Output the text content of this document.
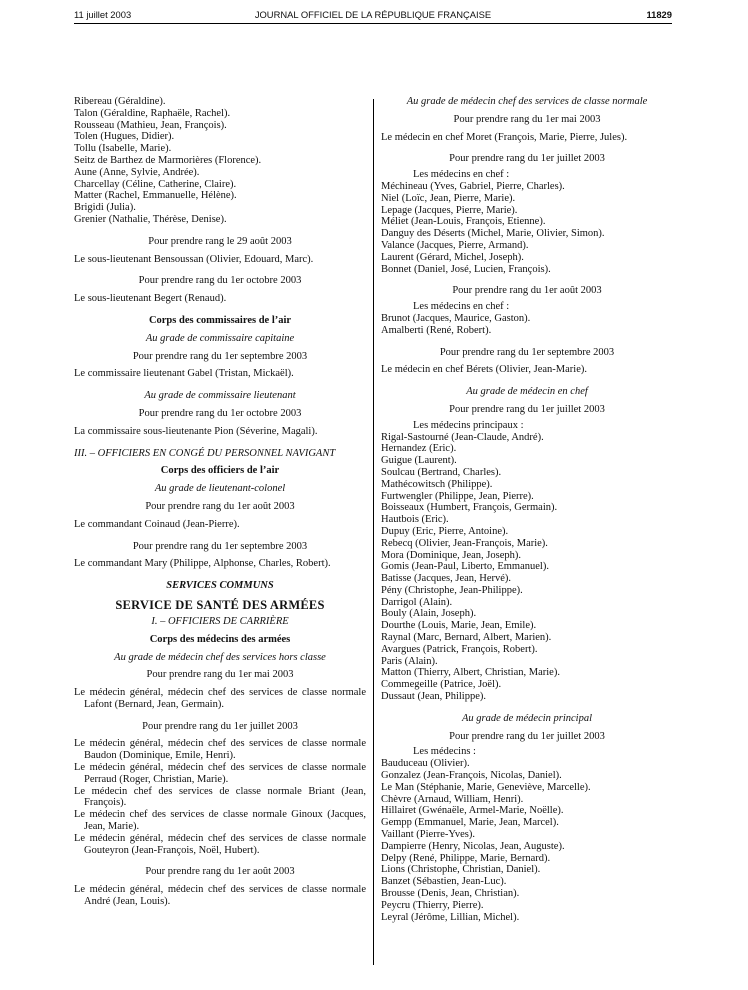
11 juillet 2003	JOURNAL OFFICIEL DE LA RÉPUBLIQUE FRANÇAISE	11829
Ribereau (Géraldine).
Talon (Géraldine, Raphaële, Rachel).
Rousseau (Mathieu, Jean, François).
Tolen (Hugues, Didier).
Tollu (Isabelle, Marie).
Seitz de Barthez de Marmorières (Florence).
Aune (Anne, Sylvie, Andrée).
Charcellay (Céline, Catherine, Claire).
Matter (Rachel, Emmanuelle, Hélène).
Brigidi (Julia).
Grenier (Nathalie, Thérèse, Denise).
Pour prendre rang le 29 août 2003
Le sous-lieutenant Bensoussan (Olivier, Edouard, Marc).
Pour prendre rang du 1er octobre 2003
Le sous-lieutenant Begert (Renaud).
Corps des commissaires de l’air
Au grade de commissaire capitaine
Pour prendre rang du 1er septembre 2003
Le commissaire lieutenant Gabel (Tristan, Mickaël).
Au grade de commissaire lieutenant
Pour prendre rang du 1er octobre 2003
La commissaire sous-lieutenante Pion (Séverine, Magali).
III. – OFFICIERS EN CONGÉ DU PERSONNEL NAVIGANT
Corps des officiers de l’air
Au grade de lieutenant-colonel
Pour prendre rang du 1er août 2003
Le commandant Coinaud (Jean-Pierre).
Pour prendre rang du 1er septembre 2003
Le commandant Mary (Philippe, Alphonse, Charles, Robert).
SERVICES COMMUNS
SERVICE DE SANTÉ DES ARMÉES
I. – OFFICIERS DE CARRIÈRE
Corps des médecins des armées
Au grade de médecin chef des services hors classe
Pour prendre rang du 1er mai 2003
Le médecin général, médecin chef des services de classe normale Lafont (Bernard, Jean, Germain).
Pour prendre rang du 1er juillet 2003
Le médecin général, médecin chef des services de classe normale Baudon (Dominique, Emile, Henri).
Le médecin général, médecin chef des services de classe normale Perraud (Roger, Christian, Marie).
Le médecin chef des services de classe normale Briant (Jean, François).
Le médecin chef des services de classe normale Ginoux (Jacques, Jean, Marie).
Le médecin général, médecin chef des services de classe normale Gouteyron (Jean-François, Noël, Hubert).
Pour prendre rang du 1er août 2003
Le médecin général, médecin chef des services de classe normale André (Jean, Louis).
Au grade de médecin chef des services de classe normale
Pour prendre rang du 1er mai 2003
Le médecin en chef Moret (François, Marie, Pierre, Jules).
Pour prendre rang du 1er juillet 2003
Les médecins en chef :
Méchineau (Yves, Gabriel, Pierre, Charles).
Niel (Loïc, Jean, Pierre, Marie).
Lepage (Jacques, Pierre, Marie).
Méliet (Jean-Louis, François, Etienne).
Danguy des Déserts (Michel, Marie, Olivier, Simon).
Valance (Jacques, Pierre, Armand).
Laurent (Gérard, Michel, Joseph).
Bonnet (Daniel, José, Lucien, François).
Pour prendre rang du 1er août 2003
Les médecins en chef :
Brunot (Jacques, Maurice, Gaston).
Amalberti (René, Robert).
Pour prendre rang du 1er septembre 2003
Le médecin en chef Bérets (Olivier, Jean-Marie).
Au grade de médecin en chef
Pour prendre rang du 1er juillet 2003
Les médecins principaux :
Rigal-Sastourné (Jean-Claude, André).
Hernandez (Eric).
Guigue (Laurent).
Soulcau (Bertrand, Charles).
Mathécowitsch (Philippe).
Furtwengler (Philippe, Jean, Pierre).
Boisseaux (Humbert, François, Germain).
Hautbois (Eric).
Dupuy (Eric, Pierre, Antoine).
Rebecq (Olivier, Jean-François, Marie).
Mora (Dominique, Jean, Joseph).
Gomis (Jean-Paul, Liberto, Emmanuel).
Batisse (Jacques, Jean, Hervé).
Pény (Christophe, Jean-Philippe).
Darrigol (Alain).
Bouly (Alain, Joseph).
Dourthe (Louis, Marie, Jean, Emile).
Raynal (Marc, Bernard, Albert, Marien).
Avargues (Patrick, François, Robert).
Paris (Alain).
Matton (Thierry, Albert, Christian, Marie).
Commegeille (Patrice, Joël).
Dussaut (Jean, Philippe).
Au grade de médecin principal
Pour prendre rang du 1er juillet 2003
Les médecins :
Bauduceau (Olivier).
Gonzalez (Jean-François, Nicolas, Daniel).
Le Man (Stéphanie, Marie, Geneviève, Marcelle).
Chèvre (Arnaud, William, Henri).
Hillairet (Gwénaële, Armel-Marie, Noëlle).
Gempp (Emmanuel, Marie, Jean, Marcel).
Vaillant (Pierre-Yves).
Dampierre (Henry, Nicolas, Jean, Auguste).
Delpy (René, Philippe, Marie, Bernard).
Lions (Christophe, Christian, Daniel).
Banzet (Sébastien, Jean-Luc).
Brousse (Denis, Jean, Christian).
Peycru (Thierry, Pierre).
Leyral (Jérôme, Lillian, Michel).
